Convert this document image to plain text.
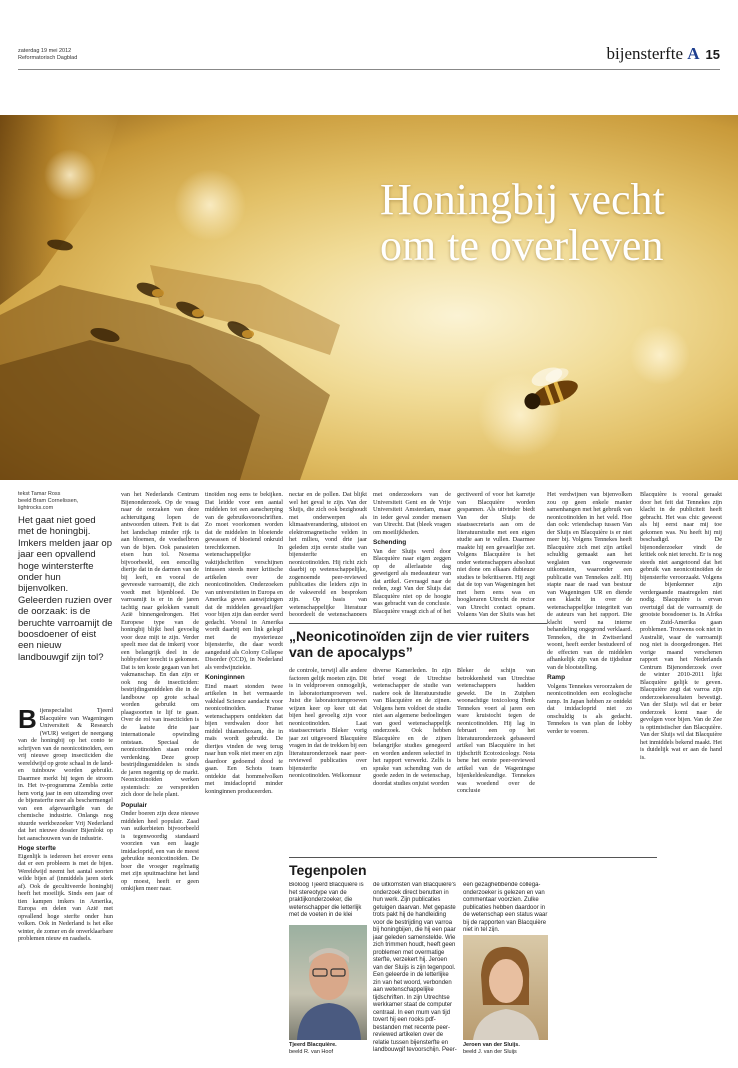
zaterdag 19 mei 2012
Reformatorisch Dagblad	bijensterfte A 15
Honingbij vecht
om te overleven
tekst Tamar Ross
beeld Bram Cornelissen,
lightrocks.com
Het gaat niet goed met de honingbij. Imkers melden jaar op jaar een opvallend hoge wintersterfte onder hun bijenvolken. Geleerden ruzien over de oorzaak: is de beruchte varroamijt de boosdoener of eist een nieuw landbouwgif zijn tol?
B ijenspecialist Tjeerd Blacquière van Wageningen Universiteit & Research (WUR) weigert de neergang van de honingbij op het conto te schrijven van de neonicotinoïden, een vrij nieuwe groep insecticiden die wereldwijd op grote schaal in de land- en tuinbouw worden gebruikt. Daarmee merkt hij tegen de stroom in. Het tv-programma Zembla zette hem vorig jaar in een uitzending over de bijensterfte neer als beschermengel van een afgevaardigde van de chemische industrie. Onlangs nog stuurde werkbezoeker Vrij Nederland dat het nieuwe dossier Bijenlokt op het aanschouwen van de industrie.
Hoge sterfte
Eigenlijk is iedereen het erover eens dat er een probleem is met de bijen. Wereldwijd neemt het aantal soorten wilde bijen af (inmiddels jaren sterk af). Ook de gecultiveerde honingbij heeft het moeilijk. Sinds een jaar of tien kampen imkers in Amerika, Europa en delen van Azië met opvallend hoge sterfte onder hun volken. Ook in Nederland is het elke winter, de zomer en de onverklaarbare problemen nieuw en raadsels.

van het Nederlands Centrum Bijenonderzoek. Op de vraag naar de oorzaken van deze achteruitgang lopen de antwoorden uiteen. Feit is dat het landschap minder rijk is aan bloemen, de voedselbron van de bijen. Ook parasieten eisen hun tol. Nosema bijvoorbeeld, een eencellig diertje dat in de darmen van de bij leeft, en vooral de gevreesde varroamijt, die zich voedt met bijenbloed. De varroamijt is er in de jaren tachtig naar gelokken vanuit Azië binnengedrongen. Het Europese type van de honingbij blijkt heel gevoelig voor deze mijt te zijn. Verder speelt mee dat de imkerij voor een belangrijk deel in de hobbysfeer terecht is gekomen. Dat is ten koste gegaan van het vakmanschap. En dan zijn er ook nog de insecticiden: bestrijdingsmiddelen die in de landbouw op grote schaal worden gebruikt om plaagsoorten te lijf te gaan. Over de rol van insecticiden is de laatste drie jaar internationale opwinding ontstaan. Speciaal de neonicotinoïden staan onder verdenking. Deze groep bestrijdingsmiddelen is sinds de jaren negentig op de markt. Neonicotinoïden werken systemisch: ze verspreiden zich door de hele plant.

Populair

Onder boeren zijn deze nieuwe middelen heel populair. Zaad van suikerbieten bijvoorbeeld is tegenwoordig standaard voorzien van een laagje imidacloprid, een van de meest gebruikte neonicotinoïden. De boer die vroeger regelmatig met zijn spuitmachine het land op moest, heeft er geen omkijken meer naar.

tinoïden nog eens te bekijken. Dat leidde voor een aantal middelen tot een aanscherping van de gebruiksvoorschriften. Zo moet voorkomen worden dat de middelen in bloeiende gewassen of bloeiend onkruid terechtkomen. In wetenschappelijke vaktijdschriften verschijnen intussen steeds meer kritische artikelen over de neonicotinoïden. Onderzoeken van universiteiten in Europa en Amerika geven aanwijzingen dat de middelen gevaarlijker voor bijen zijn dan eerder werd gedacht. Vooral in Amerika wordt daarbij een link gelegd met de mysterieuze bijensterfte, die daar wordt aangeduid als Colony Collapse Disorder (CCD), in Nederland als verdwijnziekte.

Koninginnen

Eind maart stonden twee artikelen in het vermaarde vakblad Science aandacht voor neonicotinoïden. Franse wetenschappers ontdekten dat bijen verdwalen door het middel thiamethoxam, die in maïs wordt gebruikt. De diertjes vinden de weg terug naar hun volk niet meer en zijn daardoor gedoemd dood te gaan. Een Schots team ontdekte dat hommelvolken met imidacloprid minder koninginnen produceerden.

nectar en de pollen. Dat blijkt wel het geval te zijn. Van der Sluijs, die zich ook bezighoudt met onderwerpen als klimaatverandering, uitstoot en elektromagnetische velden in het milieu, vond drie jaar geleden zijn eerste studie van bijensterfte en neonicotinoïden. Hij richt zich daarbij op wetenschappelijke, zogenoemde peer-reviewed publicaties die leiders zijn in de vakwereld en besproken zijn. Op basis van wetenschappelijke literatuur beoordeelt de wetenschappers

met onderzoekers van de Universiteit Gent en de Vrije Universiteit Amsterdam, maar in ieder geval zonder mensen van Utrecht. Dat (bleek vragen om moeilijkheden.

Schending

Van der Sluijs werd door Blacquière naar eigen zeggen op de allerlaatste dag geweigerd als medeauteur van dat artikel. Gevraagd naar de reden, zegt Van der Sluijs dat Blacquière niet op de hoogte was gebracht van de conclusie. Blacquière vraagt zich af of het

gectiveerd of voor het karretje van Blacquière worden gespannen. Als uitvinder biedt Van der Sluijs de staatssecretaris aan om de literatuurstudie met een eigen studie aan te vullen. Daarmee maakte hij een gevaarlijke zet. Volgens Blacquière is het onder wetenschappers absoluut niet done om elkaars dubieuze studies te bekritiseren. Hij zegt dat de top van Wageningen het met hem eens was en hoogleraren Utrecht de rector van Utrecht contact opnam. Volgens Van der Sluijs was het

„Neonicotinoïden zijn de vier ruiters van de apocalyps”

de controle, terwijl alle andere factoren gelijk moeten zijn. Dit is in veldproeven onmogelijk, in laboratoriumproeven wel. Juist die laboratoriumproeven wijzen keer op keer uit dat bijen heel gevoelig zijn voor neonicotinoïden. Laat staatssecretaris Bleker vorig jaar zei uitgevoerd Blacquière vragen in dat de trekken bij een literatuuronderzoek naar peer-reviewed publicaties over bijensterfte en neonicotinoïden. Welkomuur

diverse Kamerleden. In zijn brief voegt de Utrechtse wetenschapper de studie van nadere ook de literatuurstudie van Blacquière en de zijnen. Volgens hem voldoet de studie niet aan algemene bedoelingen van goed wetenschappelijk onderzoek. Ook hebben Blacquière en de zijnen belangrijke studies genegeerd en worden anderen selectief in het rapport verwerkt. Zelfs is sprake van schending van de goede zeden in de wetenschap, doordat studies onjuist worden

Bleker de schijn van betrokkenheid van Utrechtse wetenschappers hadden gewekt. De in Zutphen woonachtige toxicoloog Henk Tennekes voert al jaren een ware kruistocht tegen de neonicotinoïden. Hij lag in februari een op het literatuuronderzoek gebaseerd artikel van Blacquière in het tijdschrift Ecotoxicology. Nota bene het eerste peer-reviewed artikel van de Wageningse bijenkeldeskundige. Tennekes was woedend over de conclusie

Het verdwijnen van bijenvolken zou op geen enkele manier samenhangen met het gebruik van neonicotinoïden in het veld. Hoe dan ook: vriendschap tussen Van der Sluijs en Blacquière is er niet meer bij. Volgens Tennekes heeft Blacquière zich met zijn artikel schuldig gemaakt aan het weglaten van ongewenste uitkomsten, waaronder een publicatie van Tennekes zelf. Hij stapte naar de raad van bestuur van Wageningen UR en diende een klacht in over de wetenschappelijke integriteit van de auteurs van het rapport. Die klacht werd na interne behandeling ongegrond verklaard. Tennekes, die in Zwitserland woont, heeft eerder bestudeerd of de effecten van de middelen afhankelijk zijn van de tijdsduur van de blootstelling.

Ramp

Volgens Tennekes veroorzaken de neonicotinoïden een ecologische ramp. In Japan hebben ze ontdekt dat imidacloprid niet zo onschuldig is als gedacht. Tennekes is van plan de lobby verder te voeren.

Blacquière is vooral geraakt door het feit dat Tennekes zijn klacht in de publiciteit heeft gebracht. Het was chic geweest als hij eerst naar mij toe gekomen was. Nu heeft hij mij beschadigd. De bijenonderzoeker vindt de kritiek ook niet terecht. Er is nog steeds niet aangetoond dat het gebruik van neonicotinoïden de bijensterfte veroorzaakt. Volgens de bijenkenner zijn verdergaande maatregelen niet nodig. Blacquière is ervan overtuigd dat de varroamijt de grootste boosdoener is. In Afrika en Zuid-Amerika gaan problemen. Trouwens ook niet in Australië, waar de varroamijt nog niet is doorgedrongen. Het vorige maand verschenen rapport van het Nederlands Centrum Bijenonderzoek over de winter 2010-2011 lijkt Blacquière gelijk te geven. Blacquière zegt dat varroa zijn onderzoeksresultaten bevestigt. Van der Sluijs wil dat er beter onderzoek komt naar de gevolgen voor bijen. Van de Zee is optimistischer dan Blacquière. Van der Sluijs wil dat Blacquière het inmiddels bekend maakt. Het is duidelijk wat er aan de hand is.

Tegenpolen
Bioloog Tjeerd Blacquière is het stereotype van de praktijkonderzoeker, die wetenschapper die letterlijk met de voeten in de klei
Tjeerd Blacquière.
beeld R. van Hoof
de uitkomsten van Blacquière's onderzoek direct benutten in hun werk. Zijn publicaties getuigen daarvan. Met gepaste trots pakt hij de handleiding voor de bestrijding van varroa bij honingbijen, die hij een paar jaar geleden samenstelde. Wie zich trimmen houdt, heeft geen problemen met overmatige sterfte, verzekert hij. Jeroen van der Sluijs is zijn tegenpool. Een geleerde in de letterlijke zin van het woord, verbonden aan wetenschappelijke tijdschriften. In zijn Utrechtse werkkamer staat de computer centraal. In een mum van tijd tovert hij een rooks pdf-bestanden met recente peer-reviewed artikelen over de relatie tussen bijensterfte en landbouwgif tevoorschijn. Peer-
een gezaghebbende collega-onderzoeker is gelezen en van commentaar voorzien. Zulke publicaties hebben daardoor in de wetenschap een status waar bij de rapporten van Blacquière niet in tel zijn.
Jeroen van der Sluijs.
beeld J. van der Sluijs
